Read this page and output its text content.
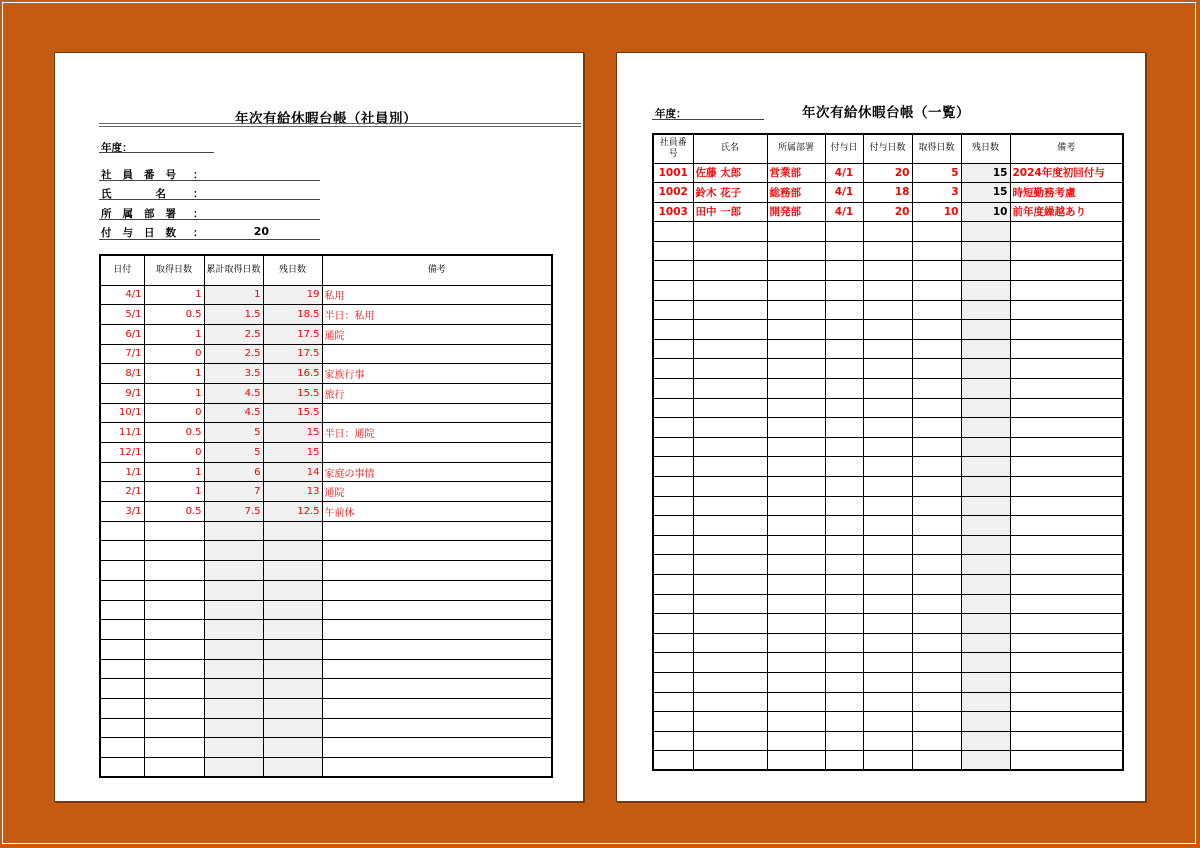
年次有給休暇台帳（社員別）
年度：
社員番号 ：
氏	名	：
所属部署 ：
付与日数 ：	20
日付	取得日数	累計取得日数	残日数	備考
4/1	1	1	19	私用
5/1	0.5	1.5	18.5	半日：私用
6/1	1	2.5	17.5	通院
7/1	0	2.5	17.5	
8/1	1	3.5	16.5	家族行事
9/1	1	4.5	15.5	旅行
10/1	0	4.5	15.5	
11/1	0.5	5	15	半日：通院
12/1	0	5	15	
1/1	1	6	14	家庭の事情
2/1	1	7	13	通院
3/1	0.5	7.5	12.5	午前休

年度：	年次有給休暇台帳（一覧）
社員番号	氏名	所属部署	付与日	付与日数	取得日数	残日数	備考
1001	佐藤 太郎	営業部	4/1	20	5	15	2024年度初回付与
1002	鈴木 花子	総務部	4/1	18	3	15	時短勤務考慮
1003	田中 一郎	開発部	4/1	20	10	10	前年度繰越あり
